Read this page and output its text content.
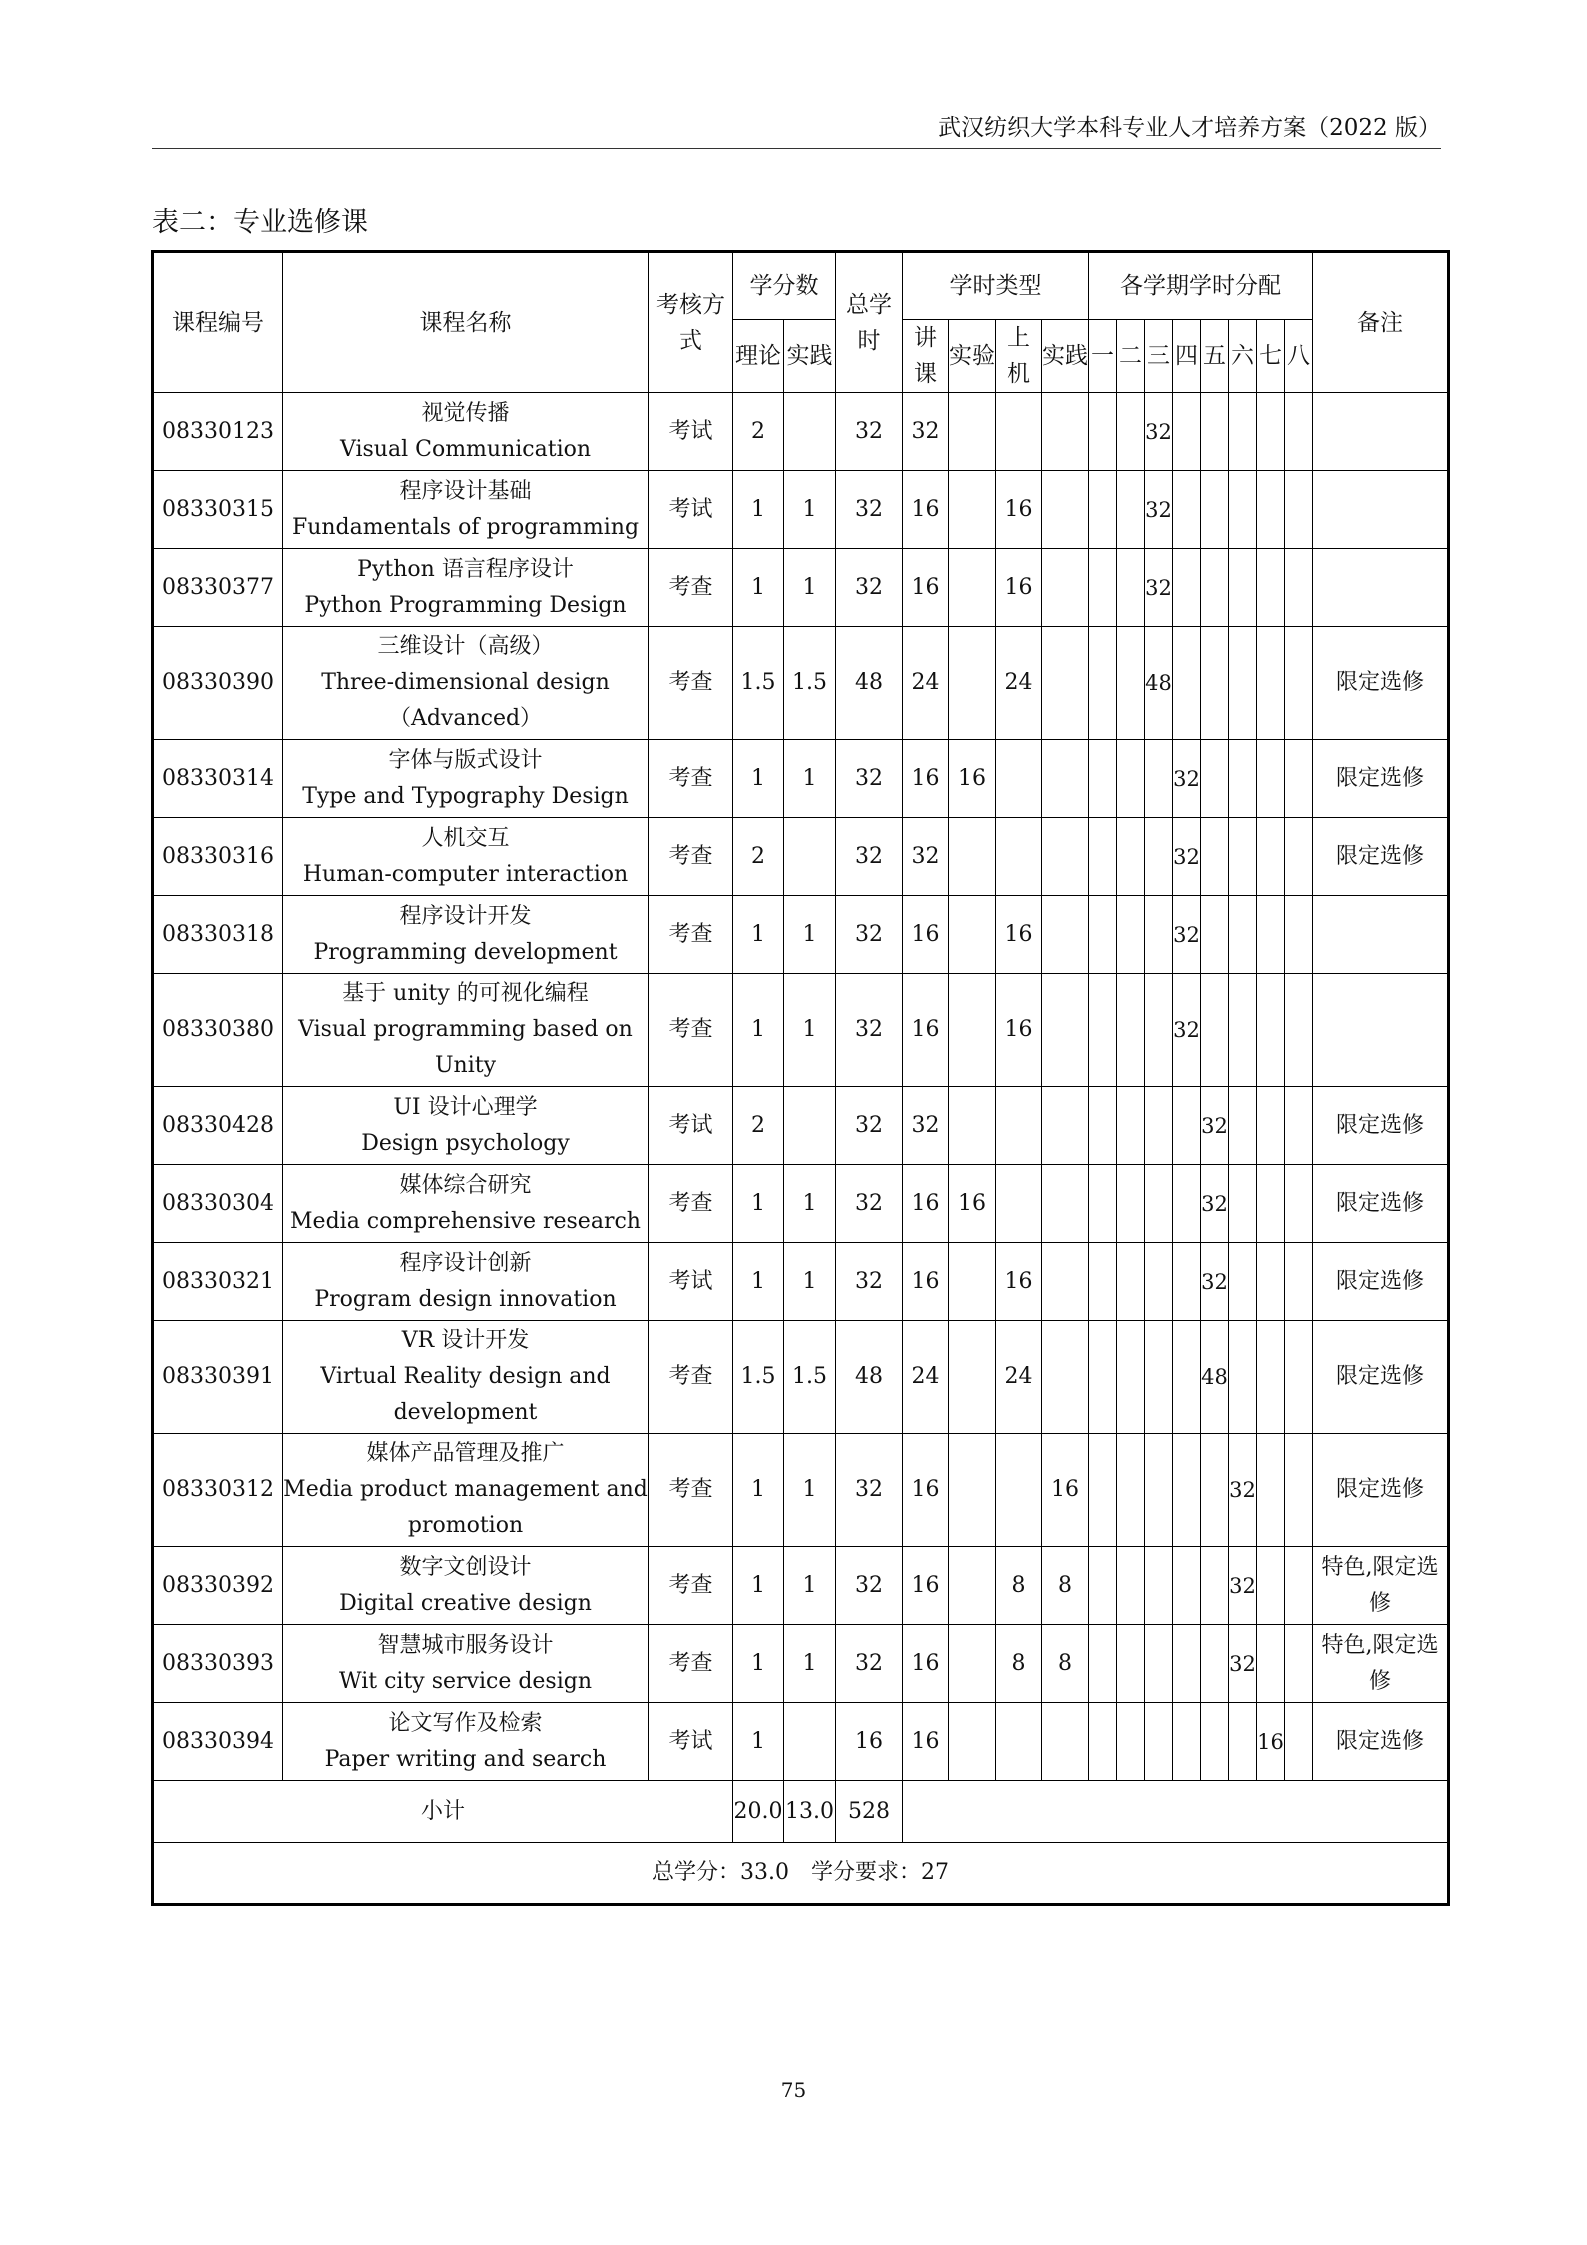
武汉纺织大学本科专业人才培养方案（2022 版）
表二：专业选修课
课程编号	课程名称	考核方式	学分数		总学时	学时类型				各学期学时分配								备注
			理论	实践		讲课	实验	上机	实践	一	二	三	四	五	六	七	八	
08330123	视觉传播
Visual Communication	考试	2		32	32						32						
08330315	程序设计基础
Fundamentals of programming	考试	1	1	32	16		16				32						
08330377	Python 语言程序设计
Python Programming Design	考查	1	1	32	16		16				32						
08330390	三维设计（高级）
Three-dimensional design （Advanced）	考查	1.5	1.5	48	24		24				48						限定选修
08330314	字体与版式设计
Type and Typography Design	考查	1	1	32	16	16						32					限定选修
08330316	人机交互
Human-computer interaction	考查	2		32	32							32					限定选修
08330318	程序设计开发
Programming development	考查	1	1	32	16		16					32					
08330380	基于 unity 的可视化编程
Visual programming based on Unity	考查	1	1	32	16		16					32					
08330428	UI 设计心理学
Design psychology	考试	2		32	32								32				限定选修
08330304	媒体综合研究
Media comprehensive research	考查	1	1	32	16	16							32				限定选修
08330321	程序设计创新
Program design innovation	考试	1	1	32	16		16						32				限定选修
08330391	VR 设计开发
Virtual Reality design and development	考查	1.5	1.5	48	24		24						48				限定选修
08330312	媒体产品管理及推广
Media product management and promotion	考查	1	1	32	16			16						32			限定选修
08330392	数字文创设计
Digital creative design	考查	1	1	32	16		8	8						32			特色,限定选修
08330393	智慧城市服务设计
Wit city service design	考查	1	1	32	16		8	8						32			特色,限定选修
08330394	论文写作及检索
Paper writing and search	考试	1		16	16										16		限定选修
小计			20.0	13.0	528													
总学分：33.0　学分要求：27																		
75
